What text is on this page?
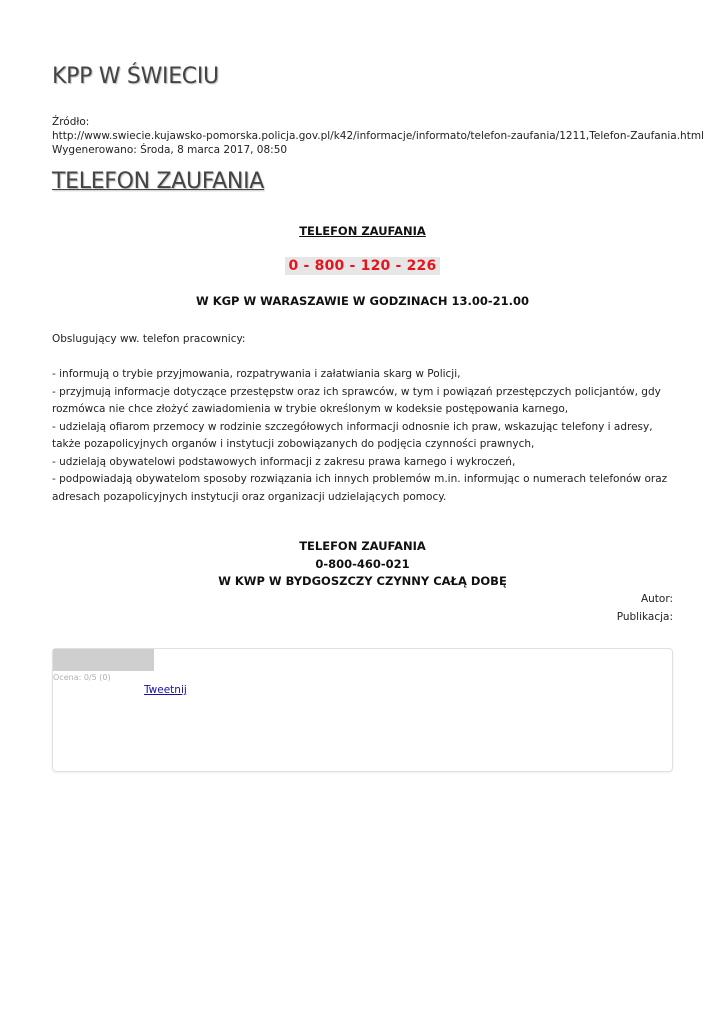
KPP W ŚWIECIU
Źródło:
http://www.swiecie.kujawsko-pomorska.policja.gov.pl/k42/informacje/informato/telefon-zaufania/1211,Telefon-Zaufania.html
Wygenerowano: Środa, 8 marca 2017, 08:50
TELEFON ZAUFANIA
TELEFON ZAUFANIA
0 - 800 - 120 - 226
W KGP W WARASZAWIE W GODZINACH 13.00-21.00

Obslugujący ww. telefon pracownicy:

- informują o trybie przyjmowania, rozpatrywania i załatwiania skarg w Policji,

- przyjmują informacje dotyczące przestępstw oraz ich sprawców, w tym i powiązań przestępczych policjantów, gdy rozmówca nie chce złożyć zawiadomienia w trybie określonym w kodeksie postępowania karnego,

- udzielają ofiarom przemocy w rodzinie szczegółowych informacji odnosnie ich praw, wskazując telefony i adresy, także pozapolicyjnych organów i instytucji zobowiązanych do podjęcia czynności prawnych,

- udzielają obywatelowi podstawowych informacji z zakresu prawa karnego i wykroczeń,

- podpowiadają obywatelom sposoby rozwiązania ich innych problemów m.in. informując o numerach telefonów oraz adresach pozapolicyjnych instytucji oraz organizacji udzielających pomocy.

TELEFON ZAUFANIA
0-800-460-021
W KWP W BYDGOSZCZY CZYNNY CAŁĄ DOBĘ
Autor:
Publikacja:
Ocena: 0/5 (0)
Tweetnij
